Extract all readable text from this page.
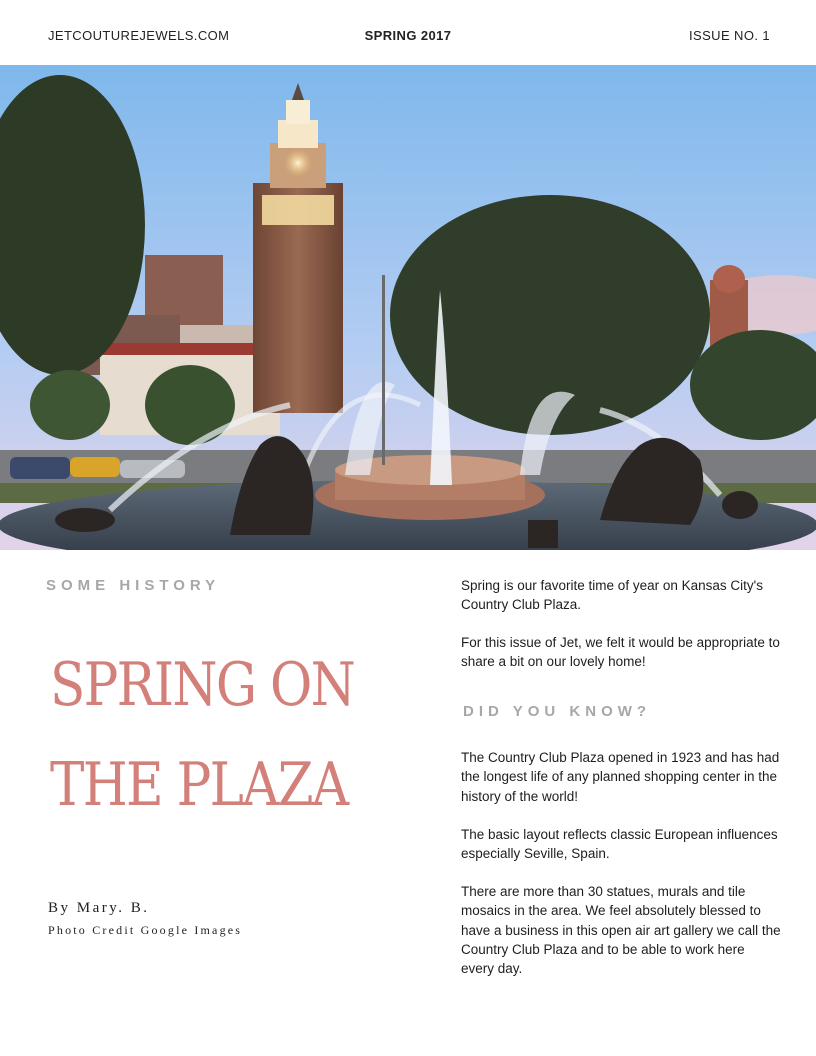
JETCOUTUREJEWELS.COM	SPRING 2017	ISSUE NO. 1
SOME HISTORY
SPRING ON
THE PLAZA
By Mary. B.
Photo Credit Google Images

Spring is our favorite time of year on Kansas City's Country Club Plaza.

For this issue of Jet, we felt it would be appropriate to share a bit on our lovely home!

DID YOU KNOW?

The Country Club Plaza opened in 1923 and has had the longest life of any planned shopping center in the history of the world!

The basic layout reflects classic European influences especially Seville, Spain.

There are more than 30 statues, murals and tile mosaics in the area. We feel absolutely blessed to have a business in this open air art gallery we call the Country Club Plaza and to be able to work here every day.
